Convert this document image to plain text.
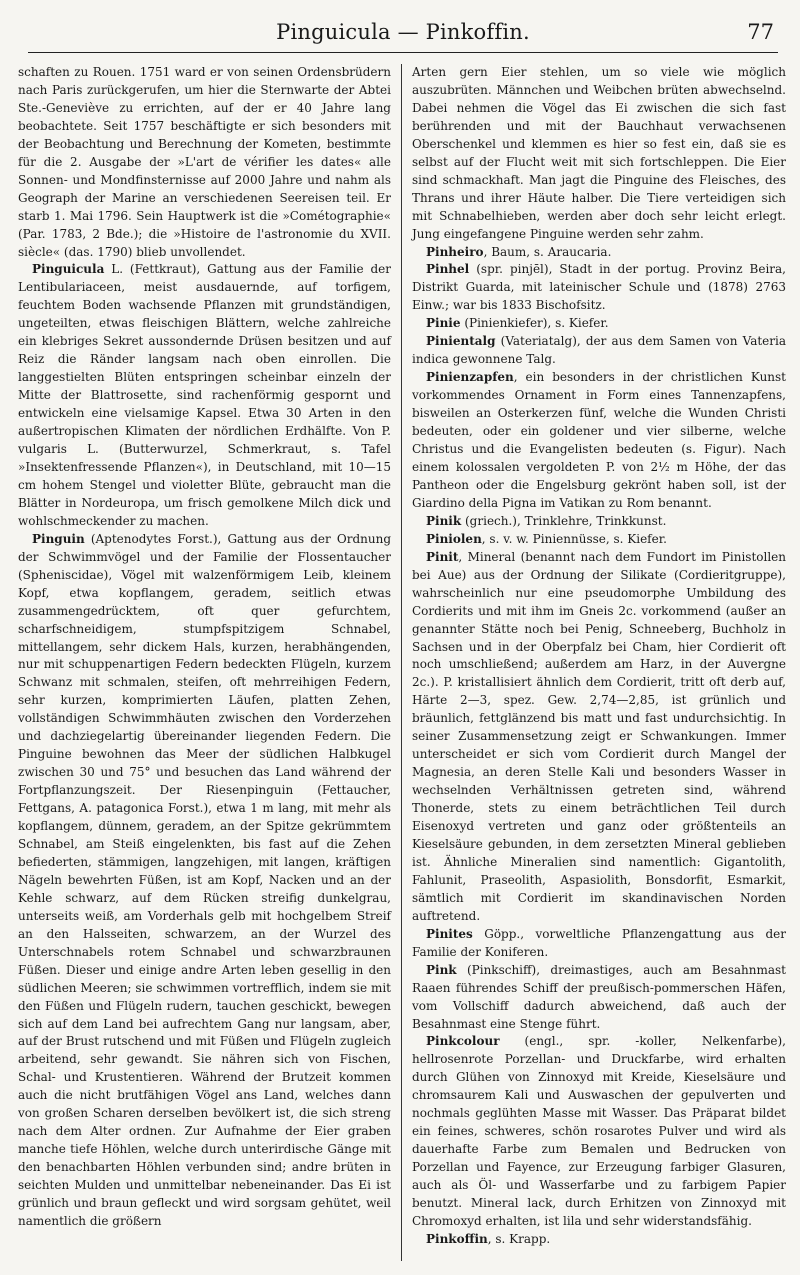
Pinguicula — Pinkoffin.	77

schaften zu Rouen. 1751 ward er von seinen Ordensbrüdern nach Paris zurückgerufen, um hier die Sternwarte der Abtei Ste.-Geneviève zu errichten, auf der er 40 Jahre lang beobachtete. Seit 1757 beschäftigte er sich besonders mit der Beobachtung und Berechnung der Kometen, bestimmte für die 2. Ausgabe der »L'art de vérifier les dates« alle Sonnen- und Mondfinsternisse auf 2000 Jahre und nahm als Geograph der Marine an verschiedenen Seereisen teil. Er starb 1. Mai 1796. Sein Hauptwerk ist die »Cométographie« (Par. 1783, 2 Bde.); die »Histoire de l'astronomie du XVII. siècle« (das. 1790) blieb unvollendet.

Pinguicula L. (Fettkraut), Gattung aus der Familie der Lentibulariaceen, meist ausdauernde, auf torfigem, feuchtem Boden wachsende Pflanzen mit grundständigen, ungeteilten, etwas fleischigen Blättern, welche zahlreiche ein klebriges Sekret aussondernde Drüsen besitzen und auf Reiz die Ränder langsam nach oben einrollen. Die langgestielten Blüten entspringen scheinbar einzeln der Mitte der Blattrosette, sind rachenförmig gespornt und entwickeln eine vielsamige Kapsel. Etwa 30 Arten in den außertropischen Klimaten der nördlichen Erdhälfte. Von P. vulgaris L. (Butterwurzel, Schmerkraut, s. Tafel »Insektenfressende Pflanzen«), in Deutschland, mit 10—15 cm hohem Stengel und violetter Blüte, gebraucht man die Blätter in Nordeuropa, um frisch gemolkene Milch dick und wohlschmeckender zu machen.

Pinguin (Aptenodytes Forst.), Gattung aus der Ordnung der Schwimmvögel und der Familie der Flossentaucher (Spheniscidae), Vögel mit walzenförmigem Leib, kleinem Kopf, etwa kopflangem, geradem, seitlich etwas zusammengedrücktem, oft quer gefurchtem, scharfschneidigem, stumpfspitzigem Schnabel, mittellangem, sehr dickem Hals, kurzen, herabhängenden, nur mit schuppenartigen Federn bedeckten Flügeln, kurzem Schwanz mit schmalen, steifen, oft mehrreihigen Federn, sehr kurzen, komprimierten Läufen, platten Zehen, vollständigen Schwimmhäuten zwischen den Vorderzehen und dachziegelartig übereinander liegenden Federn. Die Pinguine bewohnen das Meer der südlichen Halbkugel zwischen 30 und 75° und besuchen das Land während der Fortpflanzungszeit. Der Riesenpinguin (Fettaucher, Fettgans, A. patagonica Forst.), etwa 1 m lang, mit mehr als kopflangem, dünnem, geradem, an der Spitze gekrümmtem Schnabel, am Steiß eingelenkten, bis fast auf die Zehen befiederten, stämmigen, langzehigen, mit langen, kräftigen Nägeln bewehrten Füßen, ist am Kopf, Nacken und an der Kehle schwarz, auf dem Rücken streifig dunkelgrau, unterseits weiß, am Vorderhals gelb mit hochgelbem Streif an den Halsseiten, schwarzem, an der Wurzel des Unterschnabels rotem Schnabel und schwarzbraunen Füßen. Dieser und einige andre Arten leben gesellig in den südlichen Meeren; sie schwimmen vortrefflich, indem sie mit den Füßen und Flügeln rudern, tauchen geschickt, bewegen sich auf dem Land bei aufrechtem Gang nur langsam, aber, auf der Brust rutschend und mit Füßen und Flügeln zugleich arbeitend, sehr gewandt. Sie nähren sich von Fischen, Schal- und Krustentieren. Während der Brutzeit kommen auch die nicht brutfähigen Vögel ans Land, welches dann von großen Scharen derselben bevölkert ist, die sich streng nach dem Alter ordnen. Zur Aufnahme der Eier graben manche tiefe Höhlen, welche durch unterirdische Gänge mit den benachbarten Höhlen verbunden sind; andre brüten in seichten Mulden und unmittelbar nebeneinander. Das Ei ist grünlich und braun gefleckt und wird sorgsam gehütet, weil namentlich die größern

Arten gern Eier stehlen, um so viele wie möglich auszubrüten. Männchen und Weibchen brüten abwechselnd. Dabei nehmen die Vögel das Ei zwischen die sich fast berührenden und mit der Bauchhaut verwachsenen Oberschenkel und klemmen es hier so fest ein, daß sie es selbst auf der Flucht weit mit sich fortschleppen. Die Eier sind schmackhaft. Man jagt die Pinguine des Fleisches, des Thrans und ihrer Häute halber. Die Tiere verteidigen sich mit Schnabelhieben, werden aber doch sehr leicht erlegt. Jung eingefangene Pinguine werden sehr zahm.

Pinheiro, Baum, s. Araucaria.

Pinhel (spr. pinjēl), Stadt in der portug. Provinz Beira, Distrikt Guarda, mit lateinischer Schule und (1878) 2763 Einw.; war bis 1833 Bischofsitz.

Pinie (Pinienkiefer), s. Kiefer.

Pinientalg (Vateriatalg), der aus dem Samen von Vateria indica gewonnene Talg.

Pinienzapfen, ein besonders in der christlichen Kunst vorkommendes Ornament in Form eines Tannenzapfens, bisweilen an Osterkerzen fünf, welche die Wunden Christi bedeuten, oder ein goldener und vier silberne, welche Christus und die Evangelisten bedeuten (s. Figur). Nach einem kolossalen vergoldeten P. von 2½ m Höhe, der das Pantheon oder die Engelsburg gekrönt haben soll, ist der Giardino della Pigna im Vatikan zu Rom benannt.

Pinik (griech.), Trinklehre, Trinkkunst.

Piniolen, s. v. w. Piniennüsse, s. Kiefer.

Pinit, Mineral (benannt nach dem Fundort im Pinistollen bei Aue) aus der Ordnung der Silikate (Cordieritgruppe), wahrscheinlich nur eine pseudomorphe Umbildung des Cordierits und mit ihm im Gneis 2c. vorkommend (außer an genannter Stätte noch bei Penig, Schneeberg, Buchholz in Sachsen und in der Oberpfalz bei Cham, hier Cordierit oft noch umschließend; außerdem am Harz, in der Auvergne 2c.). P. kristallisiert ähnlich dem Cordierit, tritt oft derb auf, Härte 2—3, spez. Gew. 2,74—2,85, ist grünlich und bräunlich, fettglänzend bis matt und fast undurchsichtig. In seiner Zusammensetzung zeigt er Schwankungen. Immer unterscheidet er sich vom Cordierit durch Mangel der Magnesia, an deren Stelle Kali und besonders Wasser in wechselnden Verhältnissen getreten sind, während Thonerde, stets zu einem beträchtlichen Teil durch Eisenoxyd vertreten und ganz oder größtenteils an Kieselsäure gebunden, in dem zersetzten Mineral geblieben ist. Ähnliche Mineralien sind namentlich: Gigantolith, Fahlunit, Praseolith, Aspasiolith, Bonsdorfit, Esmarkit, sämtlich mit Cordierit im skandinavischen Norden auftretend.

Pinites Göpp., vorweltliche Pflanzengattung aus der Familie der Koniferen.

Pink (Pinkschiff), dreimastiges, auch am Besahnmast Raaen führendes Schiff der preußisch-pommerschen Häfen, vom Vollschiff dadurch abweichend, daß auch der Besahnmast eine Stenge führt.

Pinkcolour (engl., spr. -koller, Nelkenfarbe), hellrosenrote Porzellan- und Druckfarbe, wird erhalten durch Glühen von Zinnoxyd mit Kreide, Kieselsäure und chromsaurem Kali und Auswaschen der gepulverten und nochmals geglühten Masse mit Wasser. Das Präparat bildet ein feines, schweres, schön rosarotes Pulver und wird als dauerhafte Farbe zum Bemalen und Bedrucken von Porzellan und Fayence, zur Erzeugung farbiger Glasuren, auch als Öl- und Wasserfarbe und zu farbigem Papier benutzt. Mineral lack, durch Erhitzen von Zinnoxyd mit Chromoxyd erhalten, ist lila und sehr widerstandsfähig.

Pinkoffin, s. Krapp.
